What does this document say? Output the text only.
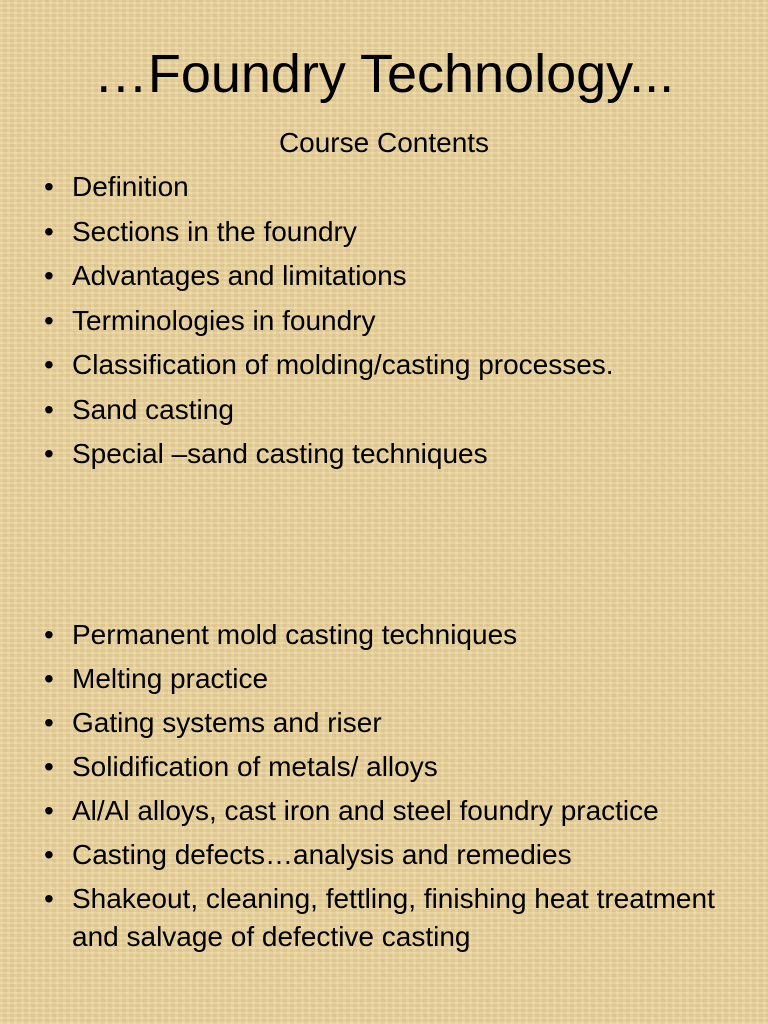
…Foundry Technology...
Course Contents
• Definition
• Sections in the foundry
• Advantages and limitations
• Terminologies in foundry
• Classification of molding/casting processes.
• Sand casting
• Special –sand casting techniques
• Permanent mold casting techniques
• Melting practice
• Gating systems and riser
• Solidification of metals/ alloys
• Al/Al alloys, cast iron and steel foundry practice
• Casting defects…analysis and remedies
• Shakeout, cleaning, fettling, finishing heat treatment and salvage of defective casting
